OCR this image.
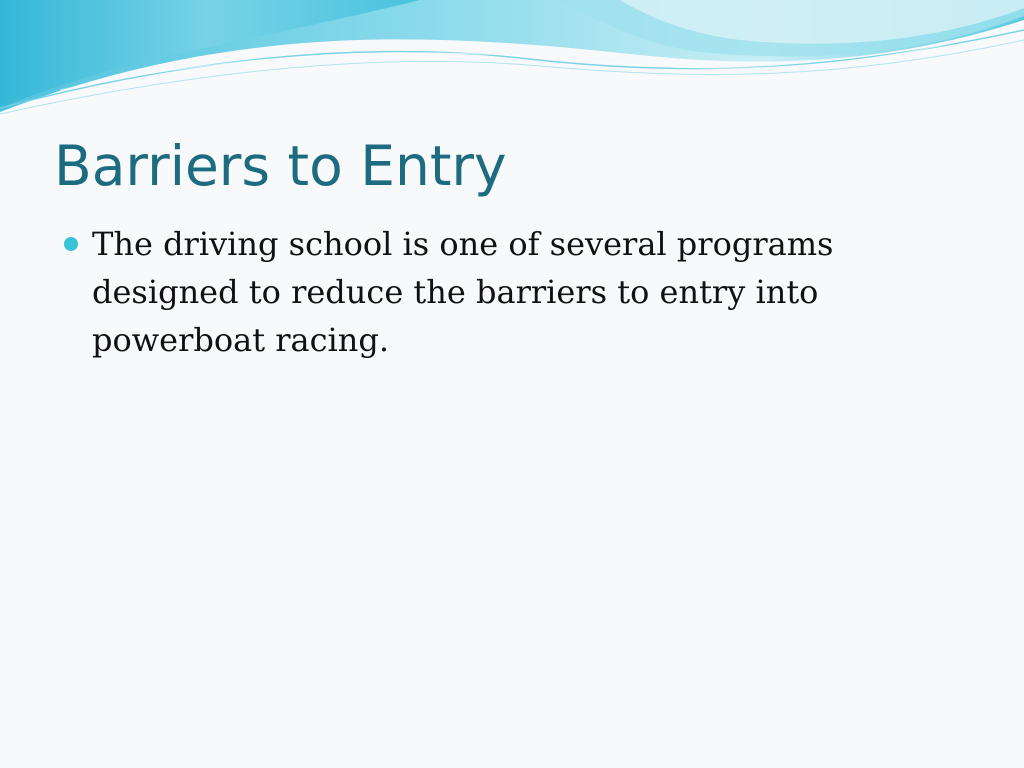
Barriers to Entry
The driving school is one of several programs designed to reduce the barriers to entry into powerboat racing.
